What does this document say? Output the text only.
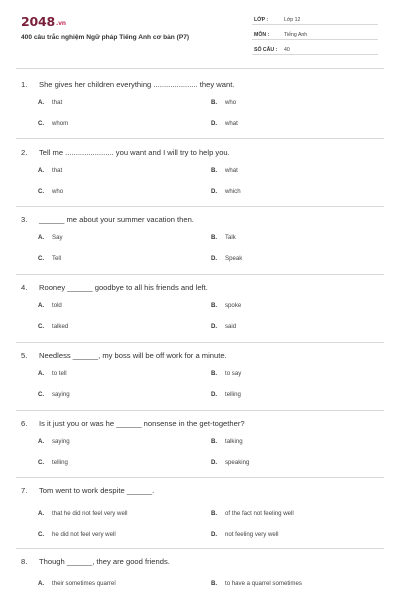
2048.vn
400 câu trắc nghiệm Ngữ pháp Tiếng Anh cơ bản (P7)
LỚP :	Lớp 12
MÔN :	Tiếng Anh
SỐ CÂU : 40
1. She gives her children everything ..................... they want.
A. that	B. who
C. whom	D. what
2. Tell me ....................... you want and I will try to help you.
A. that	B. what
C. who	D. which
3. ______ me about your summer vacation then.
A. Say	B. Talk
C. Tell	D. Speak
4. Rooney ______ goodbye to all his friends and left.
A. told	B. spoke
C. talked	D. said
5. Needless ______, my boss will be off work for a minute.
A. to tell	B. to say
C. saying	D. telling
6. Is it just you or was he ______ nonsense in the get-together?
A. saying	B. talking
C. telling	D. speaking
7. Tom went to work despite ______.
A. that he did not feel very well	B. of the fact not feeling well
C. he did not feel very well	D. not feeling very well
8. Though ______, they are good friends.
A. their sometimes quarrel	B. to have a quarrel sometimes
